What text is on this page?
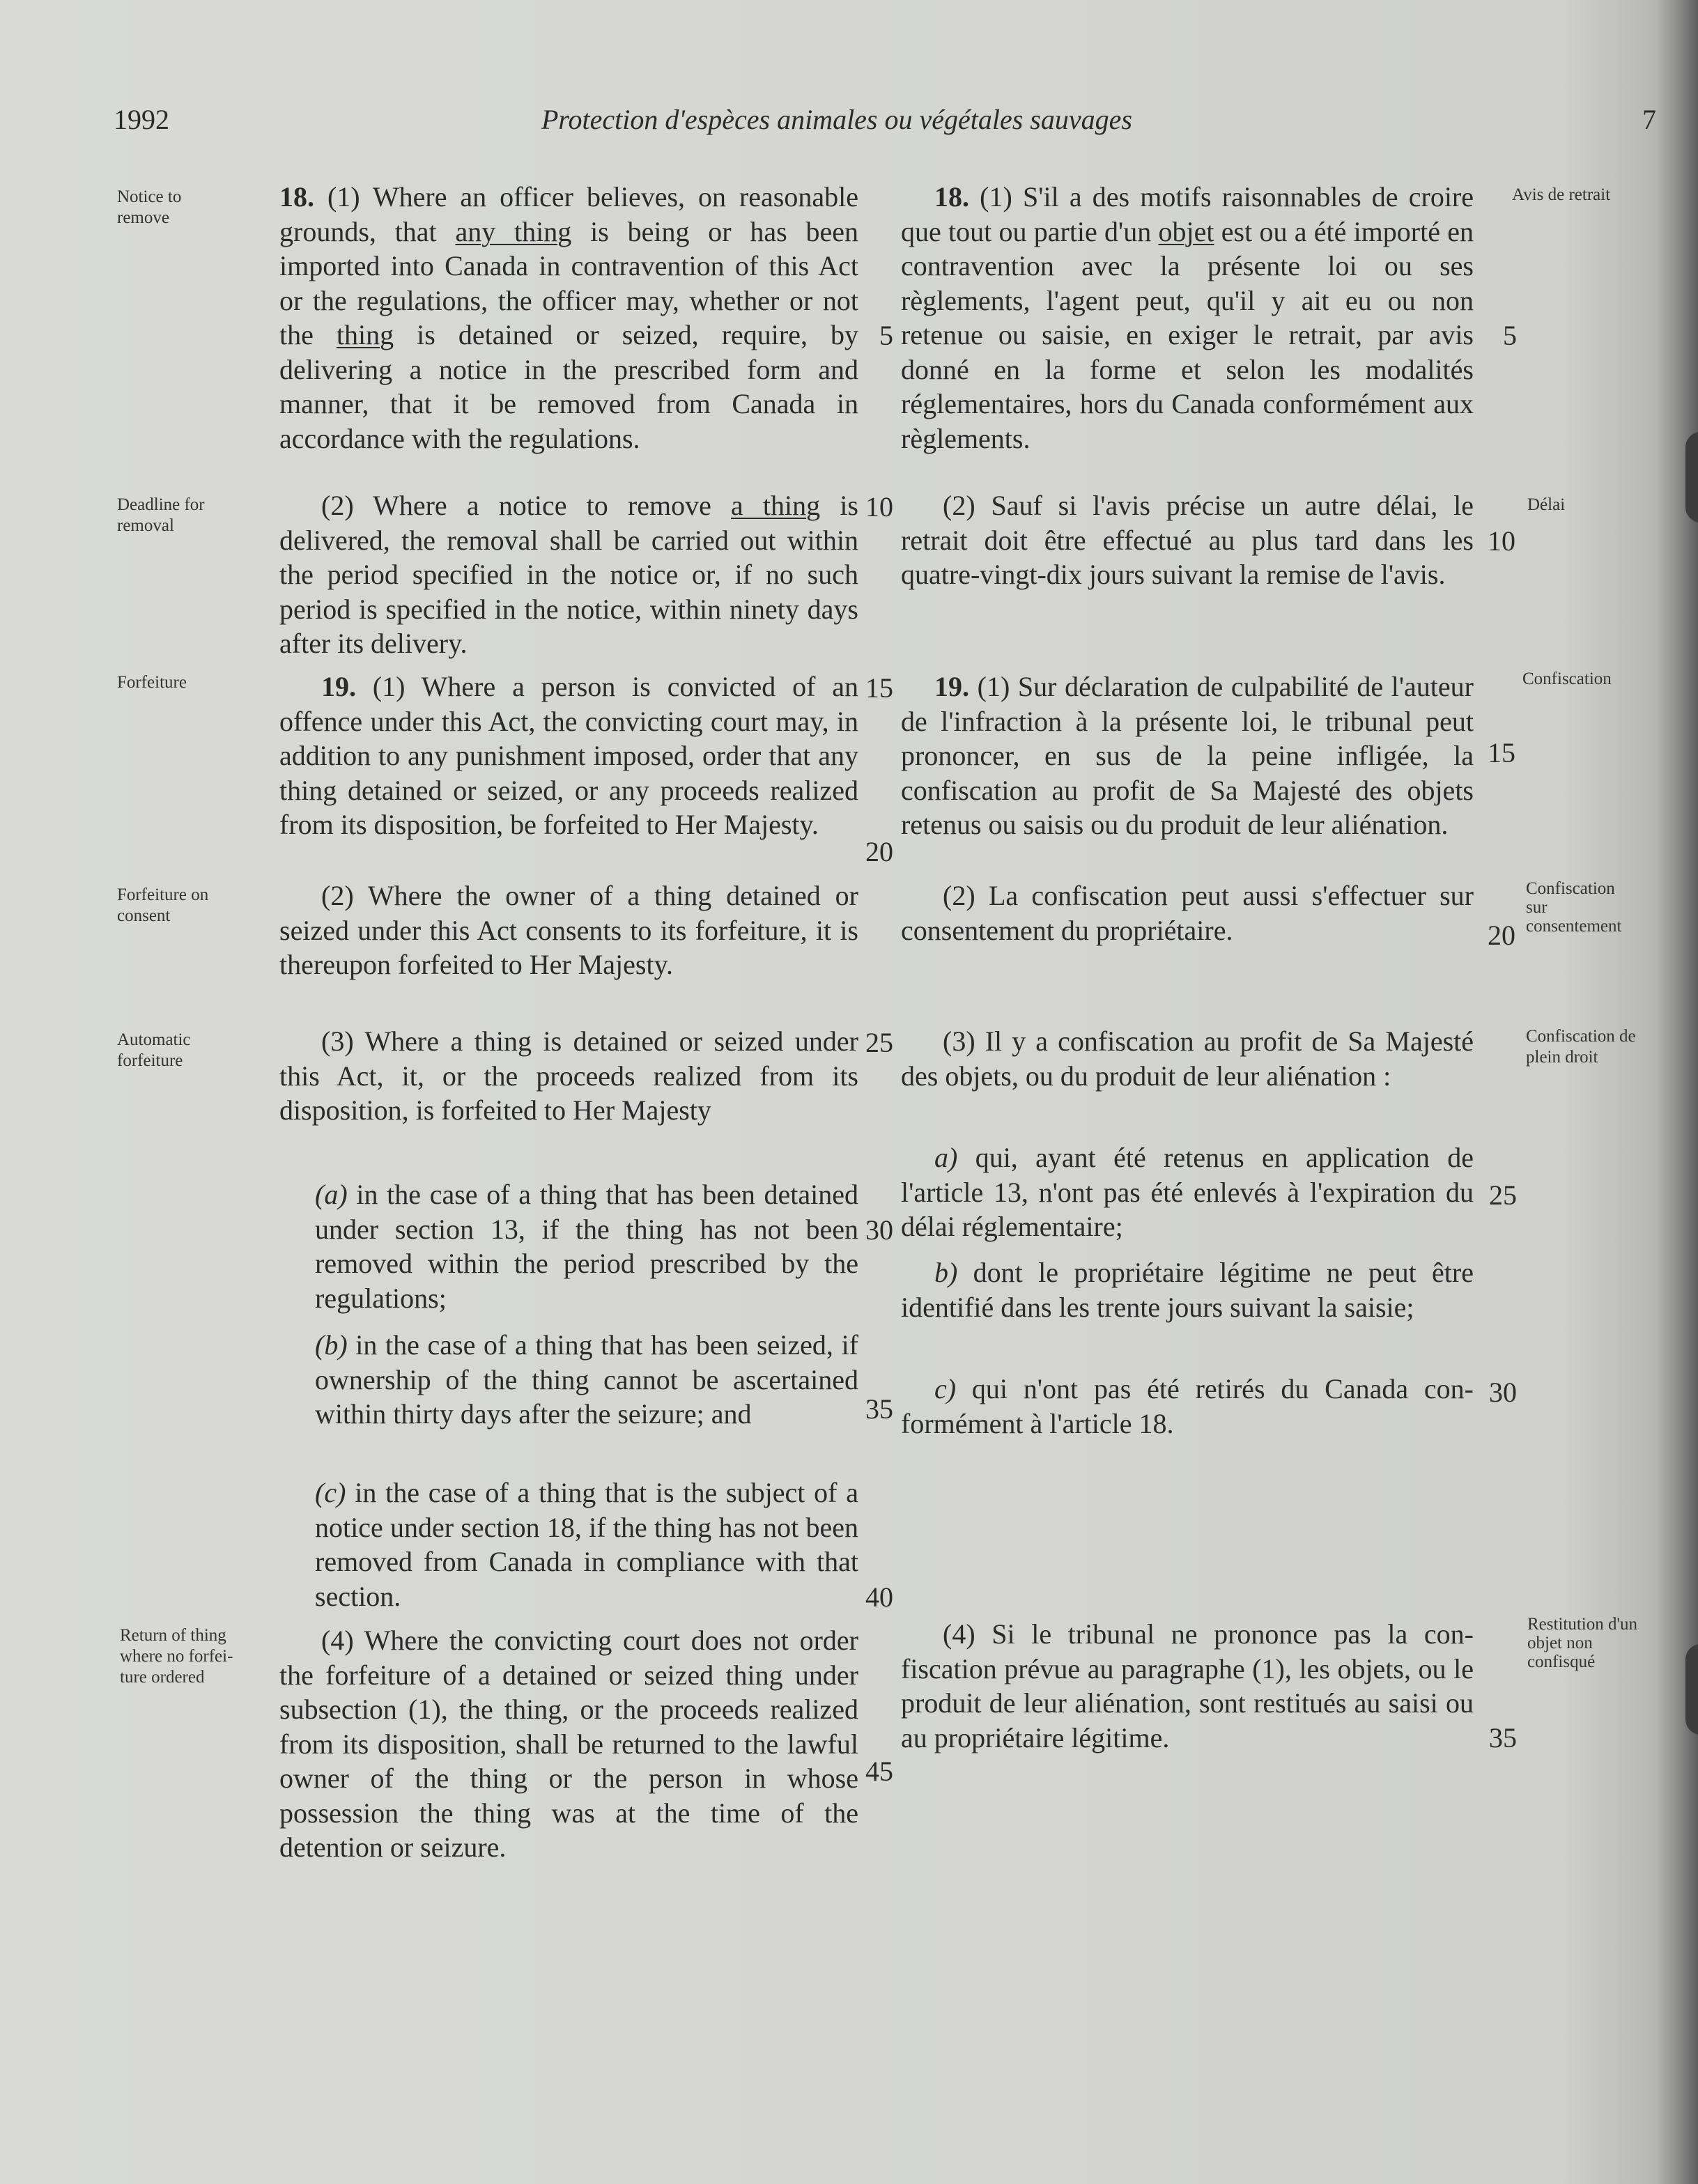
1992	Protection d'espèces animales ou végétales sauvages	7
Notice to
remove
Deadline for
removal
Forfeiture
Forfeiture on
consent
Automatic
forfeiture
Return of thing
where no forfei-
ture ordered
Avis de retrait
Délai
Confiscation
Confiscation
sur
consentement
Confiscation de
plein droit
Restitution d'un
objet non
confisqué

18. (1) Where an officer believes, on reasonable grounds, that any thing is being or has been imported into Canada in contravention of this Act or the regulations, the officer may, whether or not the thing is detained or seized, require, by delivering a notice in the prescribed form and manner, that it be removed from Canada in accordance with the regulations.

(2) Where a notice to remove a thing is delivered, the removal shall be carried out within the period specified in the notice or, if no such period is specified in the notice, within ninety days after its delivery.

19. (1) Where a person is convicted of an offence under this Act, the convicting court may, in addition to any punishment imposed, order that any thing detained or seized, or any proceeds realized from its disposition, be forfeited to Her Majesty.

(2) Where the owner of a thing detained or seized under this Act consents to its forfeiture, it is thereupon forfeited to Her Majesty.

(3) Where a thing is detained or seized under this Act, it, or the proceeds realized from its disposition, is forfeited to Her Majesty

(a) in the case of a thing that has been detained under section 13, if the thing has not been removed within the period prescribed by the regulations;

(b) in the case of a thing that has been seized, if ownership of the thing cannot be ascertained within thirty days after the seizure; and

(c) in the case of a thing that is the subject of a notice under section 18, if the thing has not been removed from Canada in compliance with that section.

(4) Where the convicting court does not order the forfeiture of a detained or seized thing under subsection (1), the thing, or the proceeds realized from its disposition, shall be returned to the lawful owner of the thing or the person in whose possession the thing was at the time of the detention or seizure.

18. (1) S'il a des motifs raisonnables de croire que tout ou partie d'un objet est ou a été importé en contravention avec la présente loi ou ses règlements, l'agent peut, qu'il y ait eu ou non retenue ou saisie, en exiger le retrait, par avis donné en la forme et selon les modalités réglementaires, hors du Canada conformément aux règlements.

(2) Sauf si l'avis précise un autre délai, le retrait doit être effectué au plus tard dans les quatre-vingt-dix jours suivant la remise de l'avis.

19. (1) Sur déclaration de culpabilité de l'auteur de l'infraction à la présente loi, le tribunal peut prononcer, en sus de la peine infligée, la confiscation au profit de Sa Majesté des objets retenus ou saisis ou du produit de leur aliénation.

(2) La confiscation peut aussi s'effectuer sur consentement du propriétaire.

(3) Il y a confiscation au profit de Sa Majesté des objets, ou du produit de leur aliénation :

a) qui, ayant été retenus en application de l'article 13, n'ont pas été enlevés à l'expiration du délai réglementaire;

b) dont le propriétaire légitime ne peut être identifié dans les trente jours suivant la saisie;

c) qui n'ont pas été retirés du Canada conformément à l'article 18.

(4) Si le tribunal ne prononce pas la confiscation prévue au paragraphe (1), les objets, ou le produit de leur aliénation, sont restitués au saisi ou au propriétaire légitime.

5
10
15
20
25
30
35
40
45
5
10
15
20
25
30
35
